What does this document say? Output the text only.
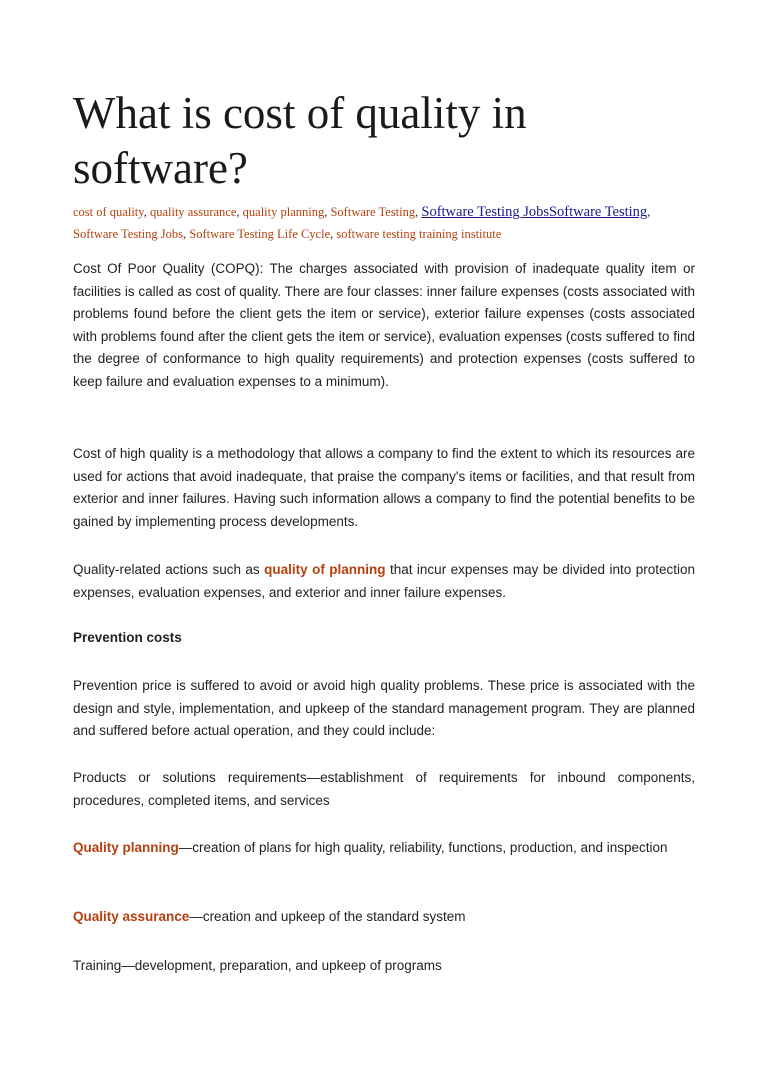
What is cost of quality in software?
cost of quality, quality assurance, quality planning, Software Testing, Software Testing JobsSoftware Testing, Software Testing Jobs, Software Testing Life Cycle, software testing training institute

Cost Of Poor Quality (COPQ): The charges associated with provision of inadequate quality item or facilities is called as cost of quality. There are four classes: inner failure expenses (costs associated with problems found before the client gets the item or service), exterior failure expenses (costs associated with problems found after the client gets the item or service), evaluation expenses (costs suffered to find the degree of conformance to high quality requirements) and protection expenses (costs suffered to keep failure and evaluation expenses to a minimum).

Cost of high quality is a methodology that allows a company to find the extent to which its resources are used for actions that avoid inadequate, that praise the company's items or facilities, and that result from exterior and inner failures. Having such information allows a company to find the potential benefits to be gained by implementing process developments.

Quality-related actions such as quality of planning that incur expenses may be divided into protection expenses, evaluation expenses, and exterior and inner failure expenses.

Prevention costs

Prevention price is suffered to avoid or avoid high quality problems. These price is associated with the design and style, implementation, and upkeep of the standard management program. They are planned and suffered before actual operation, and they could include:

Products or solutions requirements—establishment of requirements for inbound components, procedures, completed items, and services

Quality planning—creation of plans for high quality, reliability, functions, production, and inspection

Quality assurance—creation and upkeep of the standard system

Training—development, preparation, and upkeep of programs
